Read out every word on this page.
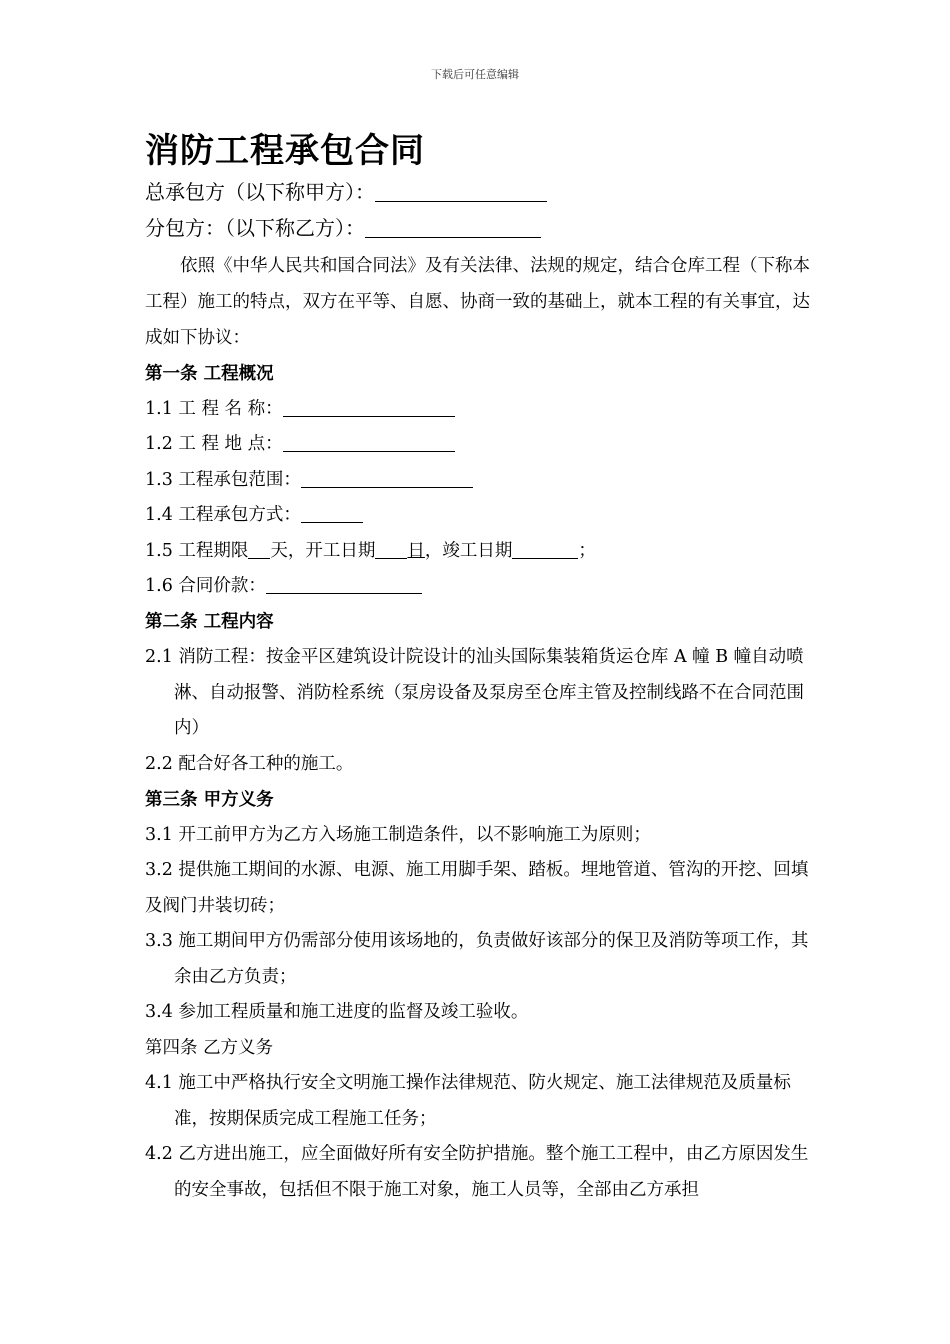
下载后可任意编辑
消防工程承包合同
总承包方（以下称甲方）：
分包方：（以下称乙方）：

依照《中华人民共和国合同法》及有关法律、法规的规定，结合仓库工程（下称本工程）施工的特点，双方在平等、自愿、协商一致的基础上，就本工程的有关事宜，达成如下协议：

第一条 工程概况
1.1 工 程 名 称：
1.2 工 程 地 点：
1.3 工程承包范围：
1.4 工程承包方式：
1.5 工程期限 天，开工日期 日，竣工日期	；
1.6 合同价款：
第二条 工程内容
2.1 消防工程：按金平区建筑设计院设计的汕头国际集装箱货运仓库 A 幢 B 幢自动喷淋、自动报警、消防栓系统（泵房设备及泵房至仓库主管及控制线路不在合同范围内）
2.2 配合好各工种的施工。
第三条 甲方义务
3.1 开工前甲方为乙方入场施工制造条件，以不影响施工为原则；
3.2 提供施工期间的水源、电源、施工用脚手架、踏板。埋地管道、管沟的开挖、回填及阀门井装切砖；
3.3 施工期间甲方仍需部分使用该场地的，负责做好该部分的保卫及消防等项工作，其余由乙方负责；
3.4 参加工程质量和施工进度的监督及竣工验收。
第四条 乙方义务
4.1 施工中严格执行安全文明施工操作法律规范、防火规定、施工法律规范及质量标准，按期保质完成工程施工任务；
4.2 乙方进出施工，应全面做好所有安全防护措施。整个施工工程中，由乙方原因发生的安全事故，包括但不限于施工对象，施工人员等，全部由乙方承担
